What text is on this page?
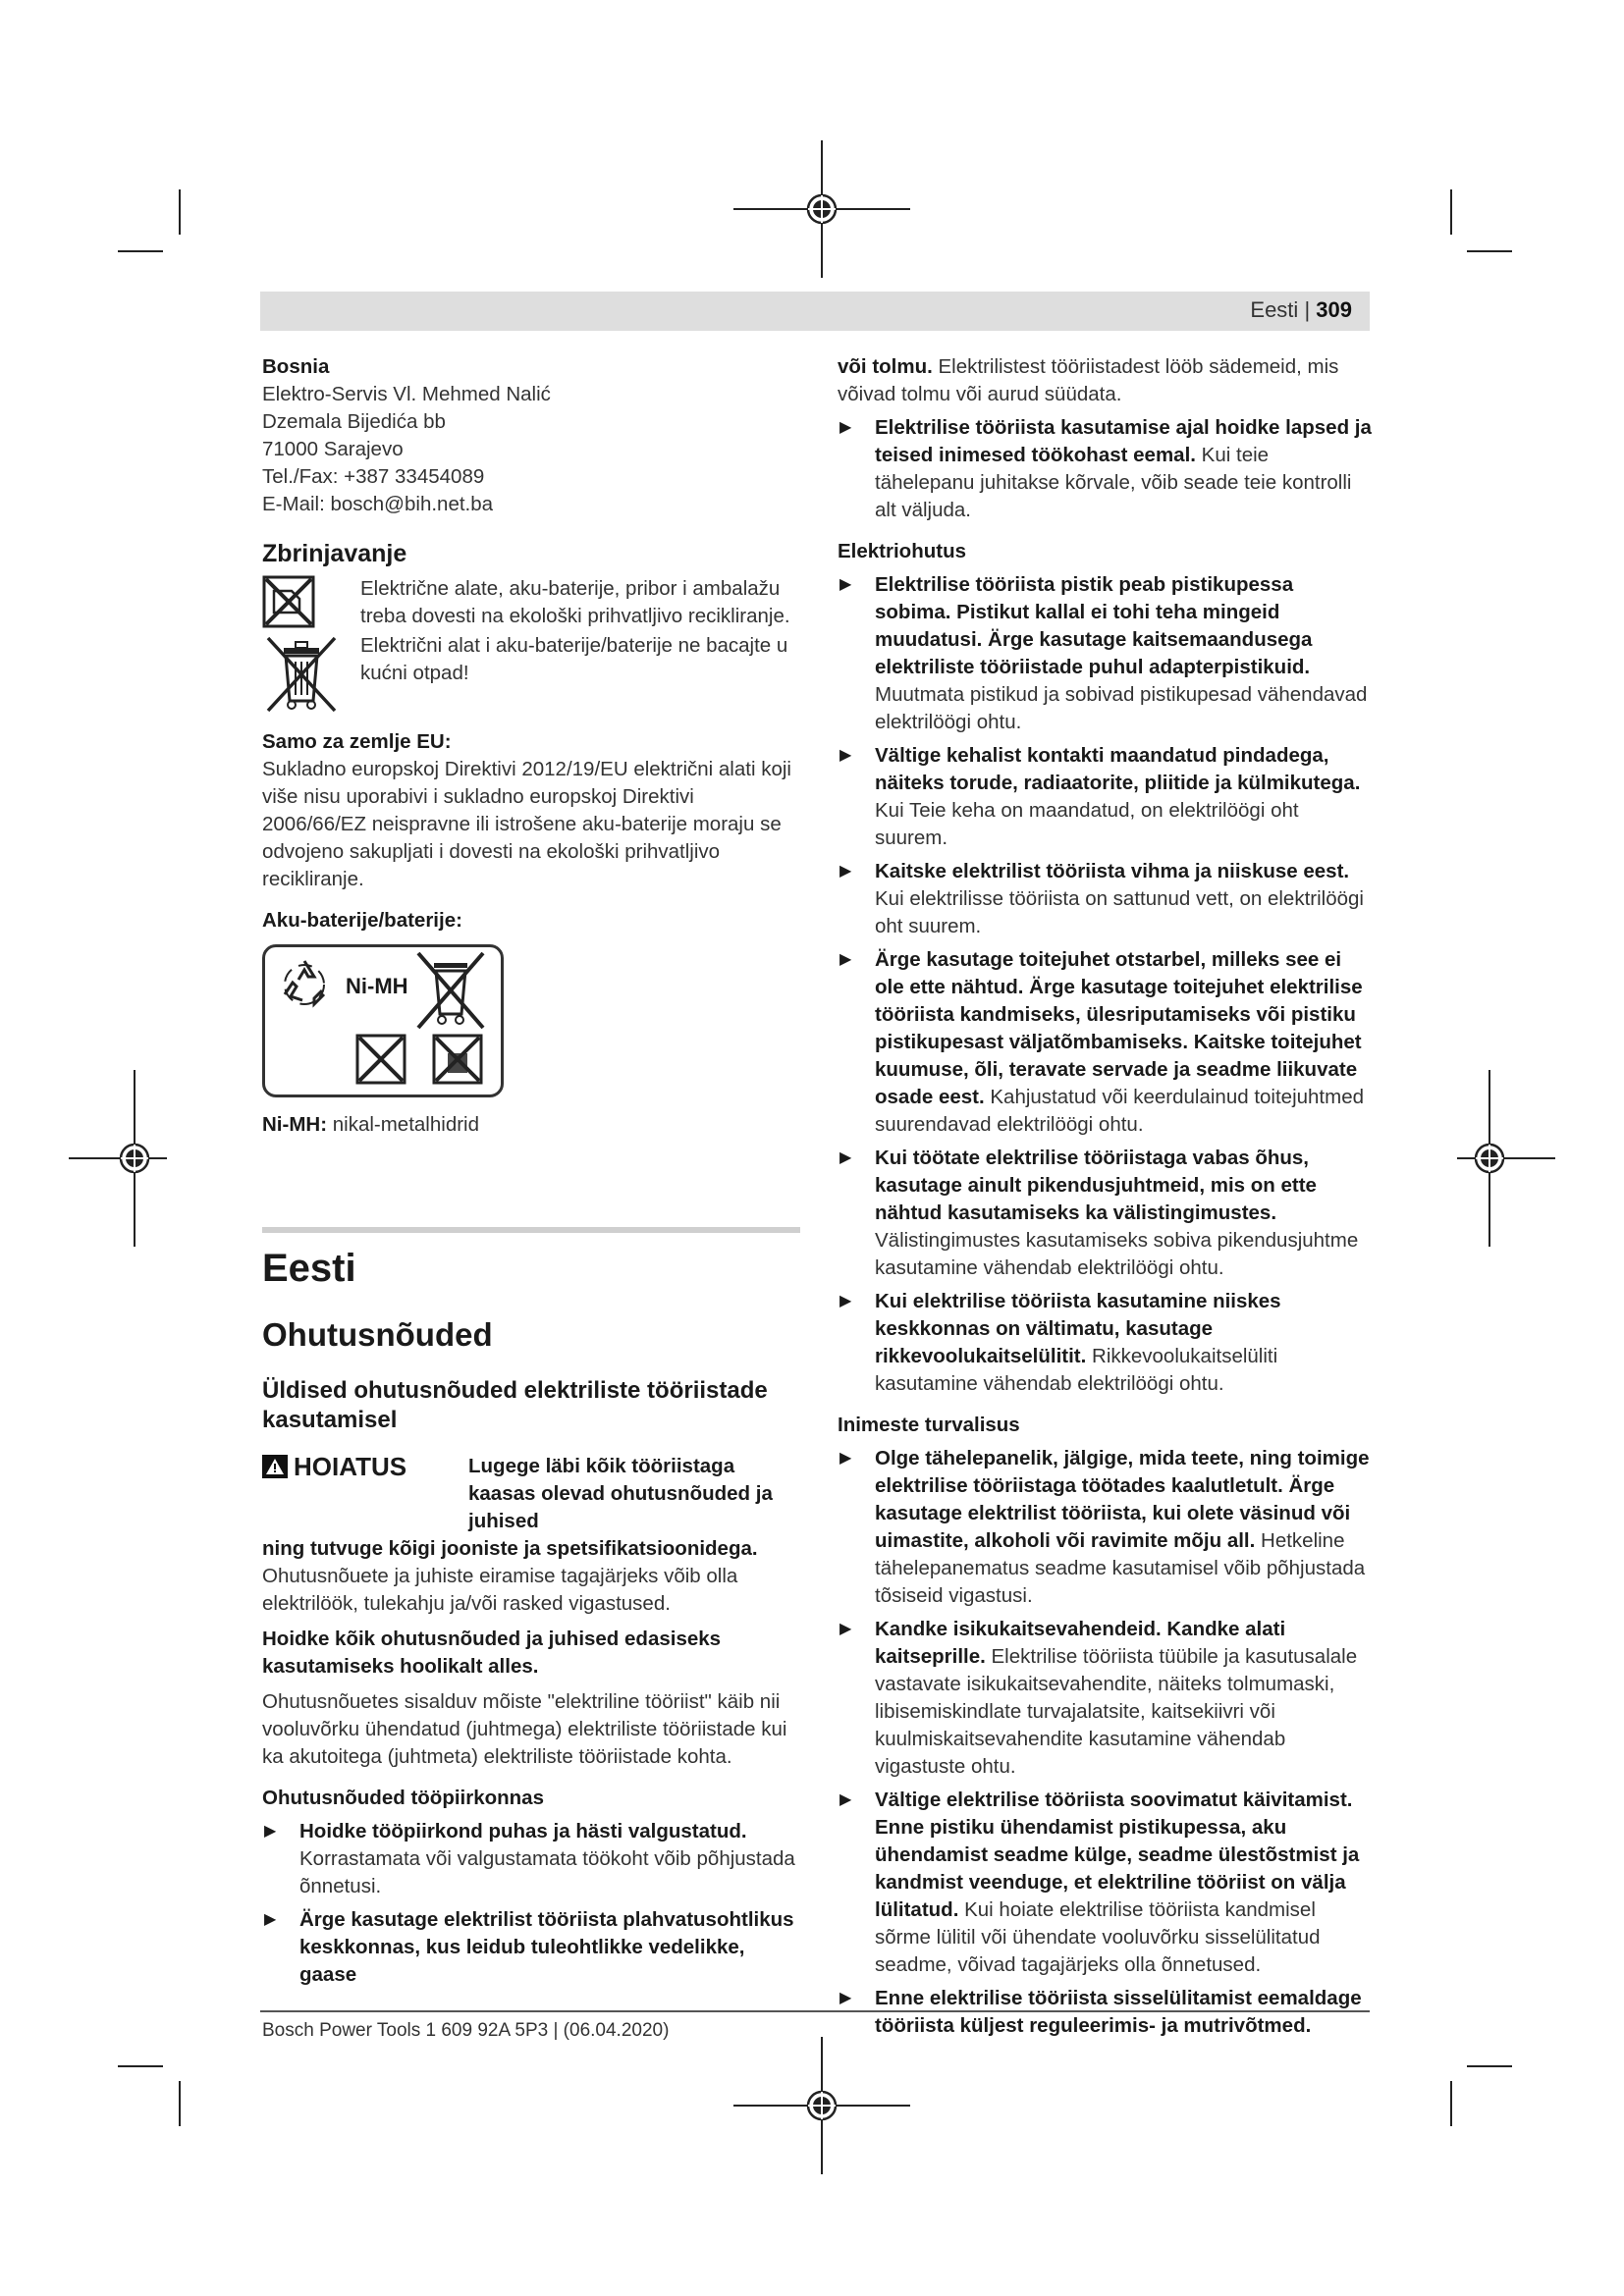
Eesti | 309

Bosnia

Elektro-Servis Vl. Mehmed Nalić

Dzemala Bijedića bb

71000 Sarajevo

Tel./Fax: +387 33454089

E-Mail: bosch@bih.net.ba

Zbrinjavanje
Električne alate, aku-baterije, pribor i ambalažu treba dovesti na ekološki prihvatljivo recikliranje.
Električni alat i aku-baterije/baterije ne bacajte u kućni otpad!

Samo za zemlje EU:

Sukladno europskoj Direktivi 2012/19/EU električni alati koji više nisu uporabivi i sukladno europskoj Direktivi 2006/66/EZ neispravne ili istrošene aku-baterije moraju se odvojeno sakupljati i dovesti na ekološki prihvatljivo recikliranje.

Aku-baterije/baterije:

Ni-MH

Ni-MH: nikal-metalhidrid

Eesti
Ohutusnõuded
Üldised ohutusnõuded elektriliste tööriistade kasutamisel
HOIATUS	Lugege läbi kõik tööriistaga kaasas olevad ohutusnõuded ja juhised

ning tutvuge kõigi jooniste ja spetsifikatsioonidega.

Ohutusnõuete ja juhiste eiramise tagajärjeks võib olla elektrilöök, tulekahju ja/või rasked vigastused.

Hoidke kõik ohutusnõuded ja juhised edasiseks kasutamiseks hoolikalt alles.

Ohutusnõuetes sisalduv mõiste "elektriline tööriist" käib nii vooluvõrku ühendatud (juhtmega) elektriliste tööriistade kui ka akutoitega (juhtmeta) elektriliste tööriistade kohta.

Ohutusnõuded tööpiirkonnas

▶	Hoidke tööpiirkond puhas ja hästi valgustatud. Korrastamata või valgustamata töökoht võib põhjustada õnnetusi.
▶	Ärge kasutage elektrilist tööriista plahvatusohtlikus keskkonnas, kus leidub tuleohtlikke vedelikke, gaase

või tolmu. Elektrilistest tööriistadest lööb sädemeid, mis võivad tolmu või aurud süüdata.

▶	Elektrilise tööriista kasutamise ajal hoidke lapsed ja teised inimesed töökohast eemal. Kui teie tähelepanu juhitakse kõrvale, võib seade teie kontrolli alt väljuda.

Elektriohutus

▶	Elektrilise tööriista pistik peab pistikupessa sobima. Pistikut kallal ei tohi teha mingeid muudatusi. Ärge kasutage kaitsemaandusega elektriliste tööriistade puhul adapterpistikuid. Muutmata pistikud ja sobivad pistikupesad vähendavad elektrilöögi ohtu.
▶	Vältige kehalist kontakti maandatud pindadega, näiteks torude, radiaatorite, pliitide ja külmikutega. Kui Teie keha on maandatud, on elektrilöögi oht suurem.
▶	Kaitske elektrilist tööriista vihma ja niiskuse eest. Kui elektrilisse tööriista on sattunud vett, on elektrilöögi oht suurem.
▶	Ärge kasutage toitejuhet otstarbel, milleks see ei ole ette nähtud. Ärge kasutage toitejuhet elektrilise tööriista kandmiseks, ülesriputamiseks või pistiku pistikupesast väljatõmbamiseks. Kaitske toitejuhet kuumuse, õli, teravate servade ja seadme liikuvate osade eest. Kahjustatud või keerdulainud toitejuhtmed suurendavad elektrilöögi ohtu.
▶	Kui töötate elektrilise tööriistaga vabas õhus, kasutage ainult pikendusjuhtmeid, mis on ette nähtud kasutamiseks ka välistingimustes. Välistingimustes kasutamiseks sobiva pikendusjuhtme kasutamine vähendab elektrilöögi ohtu.
▶	Kui elektrilise tööriista kasutamine niiskes keskkonnas on vältimatu, kasutage rikkevoolukaitselülitit. Rikkevoolukaitselüliti kasutamine vähendab elektrilöögi ohtu.

Inimeste turvalisus

▶	Olge tähelepanelik, jälgige, mida teete, ning toimige elektrilise tööriistaga töötades kaalutletult. Ärge kasutage elektrilist tööriista, kui olete väsinud või uimastite, alkoholi või ravimite mõju all. Hetkeline tähelepanematus seadme kasutamisel võib põhjustada tõsiseid vigastusi.
▶	Kandke isikukaitsevahendeid. Kandke alati kaitseprille. Elektrilise tööriista tüübile ja kasutusalale vastavate isikukaitsevahendite, näiteks tolmumaski, libisemiskindlate turvajalatsite, kaitsekiivri või kuulmiskaitsevahendite kasutamine vähendab vigastuste ohtu.
▶	Vältige elektrilise tööriista soovimatut käivitamist. Enne pistiku ühendamist pistikupessa, aku ühendamist seadme külge, seadme ülestõstmist ja kandmist veenduge, et elektriline tööriist on välja lülitatud. Kui hoiate elektrilise tööriista kandmisel sõrme lülitil või ühendate vooluvõrku sisselülitatud seadme, võivad tagajärjeks olla õnnetused.
▶	Enne elektrilise tööriista sisselülitamist eemaldage tööriista küljest reguleerimis- ja mutrivõtmed.
Bosch Power Tools 1 609 92A 5P3 | (06.04.2020)
